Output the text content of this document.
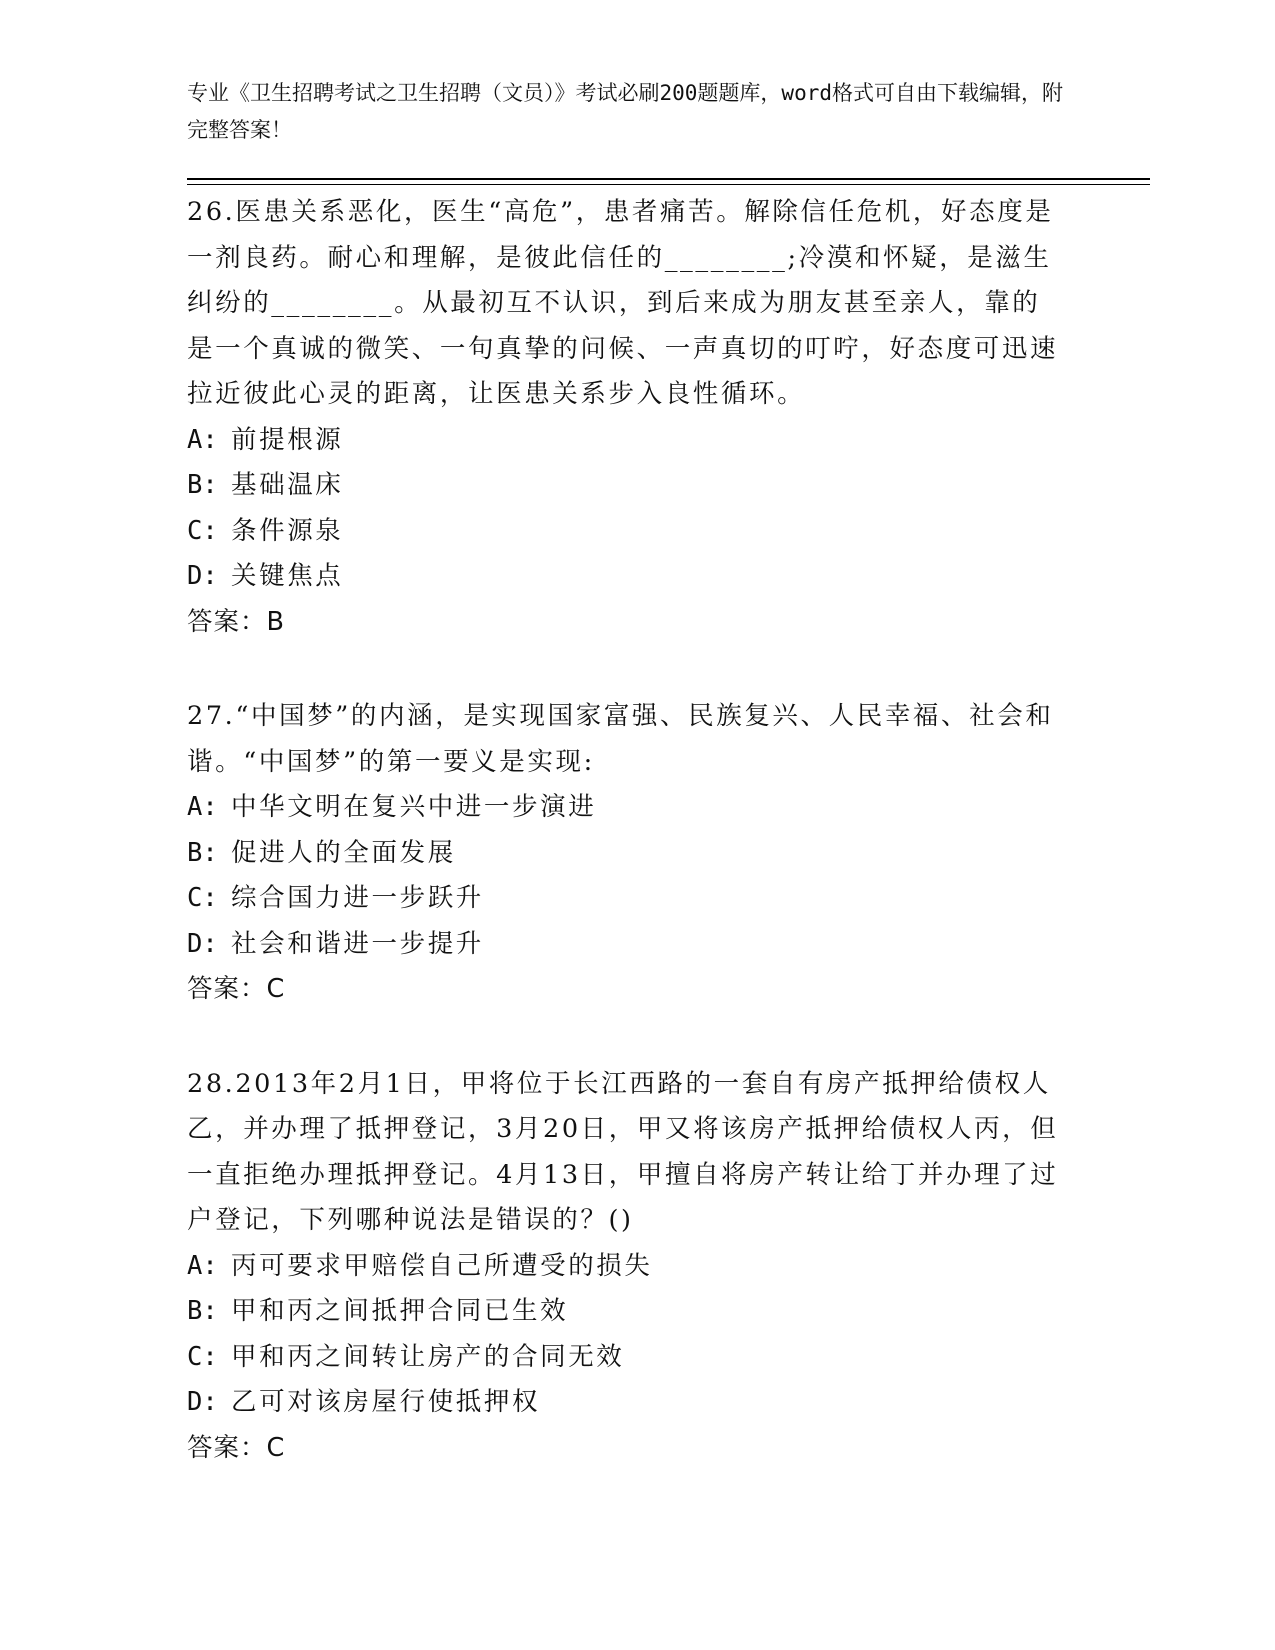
专业《卫生招聘考试之卫生招聘（文员）》考试必刷200题题库，word格式可自由下载编辑，附完整答案！

26.医患关系恶化，医生“高危”，患者痛苦。解除信任危机，好态度是一剂良药。耐心和理解，是彼此信任的________;冷漠和怀疑，是滋生纠纷的________。从最初互不认识，到后来成为朋友甚至亲人，靠的是一个真诚的微笑、一句真挚的问候、一声真切的叮咛，好态度可迅速拉近彼此心灵的距离，让医患关系步入良性循环。

A: 前提根源
B: 基础温床
C: 条件源泉
D: 关键焦点
答案：B

27.“中国梦”的内涵，是实现国家富强、民族复兴、人民幸福、社会和谐。“中国梦”的第一要义是实现:

A: 中华文明在复兴中进一步演进
B: 促进人的全面发展
C: 综合国力进一步跃升
D: 社会和谐进一步提升
答案：C

28.2013年2月1日，甲将位于长江西路的一套自有房产抵押给债权人乙，并办理了抵押登记，3月20日，甲又将该房产抵押给债权人丙，但一直拒绝办理抵押登记。4月13日，甲擅自将房产转让给丁并办理了过户登记，下列哪种说法是错误的？()

A: 丙可要求甲赔偿自己所遭受的损失
B: 甲和丙之间抵押合同已生效
C: 甲和丙之间转让房产的合同无效
D: 乙可对该房屋行使抵押权
答案：C
